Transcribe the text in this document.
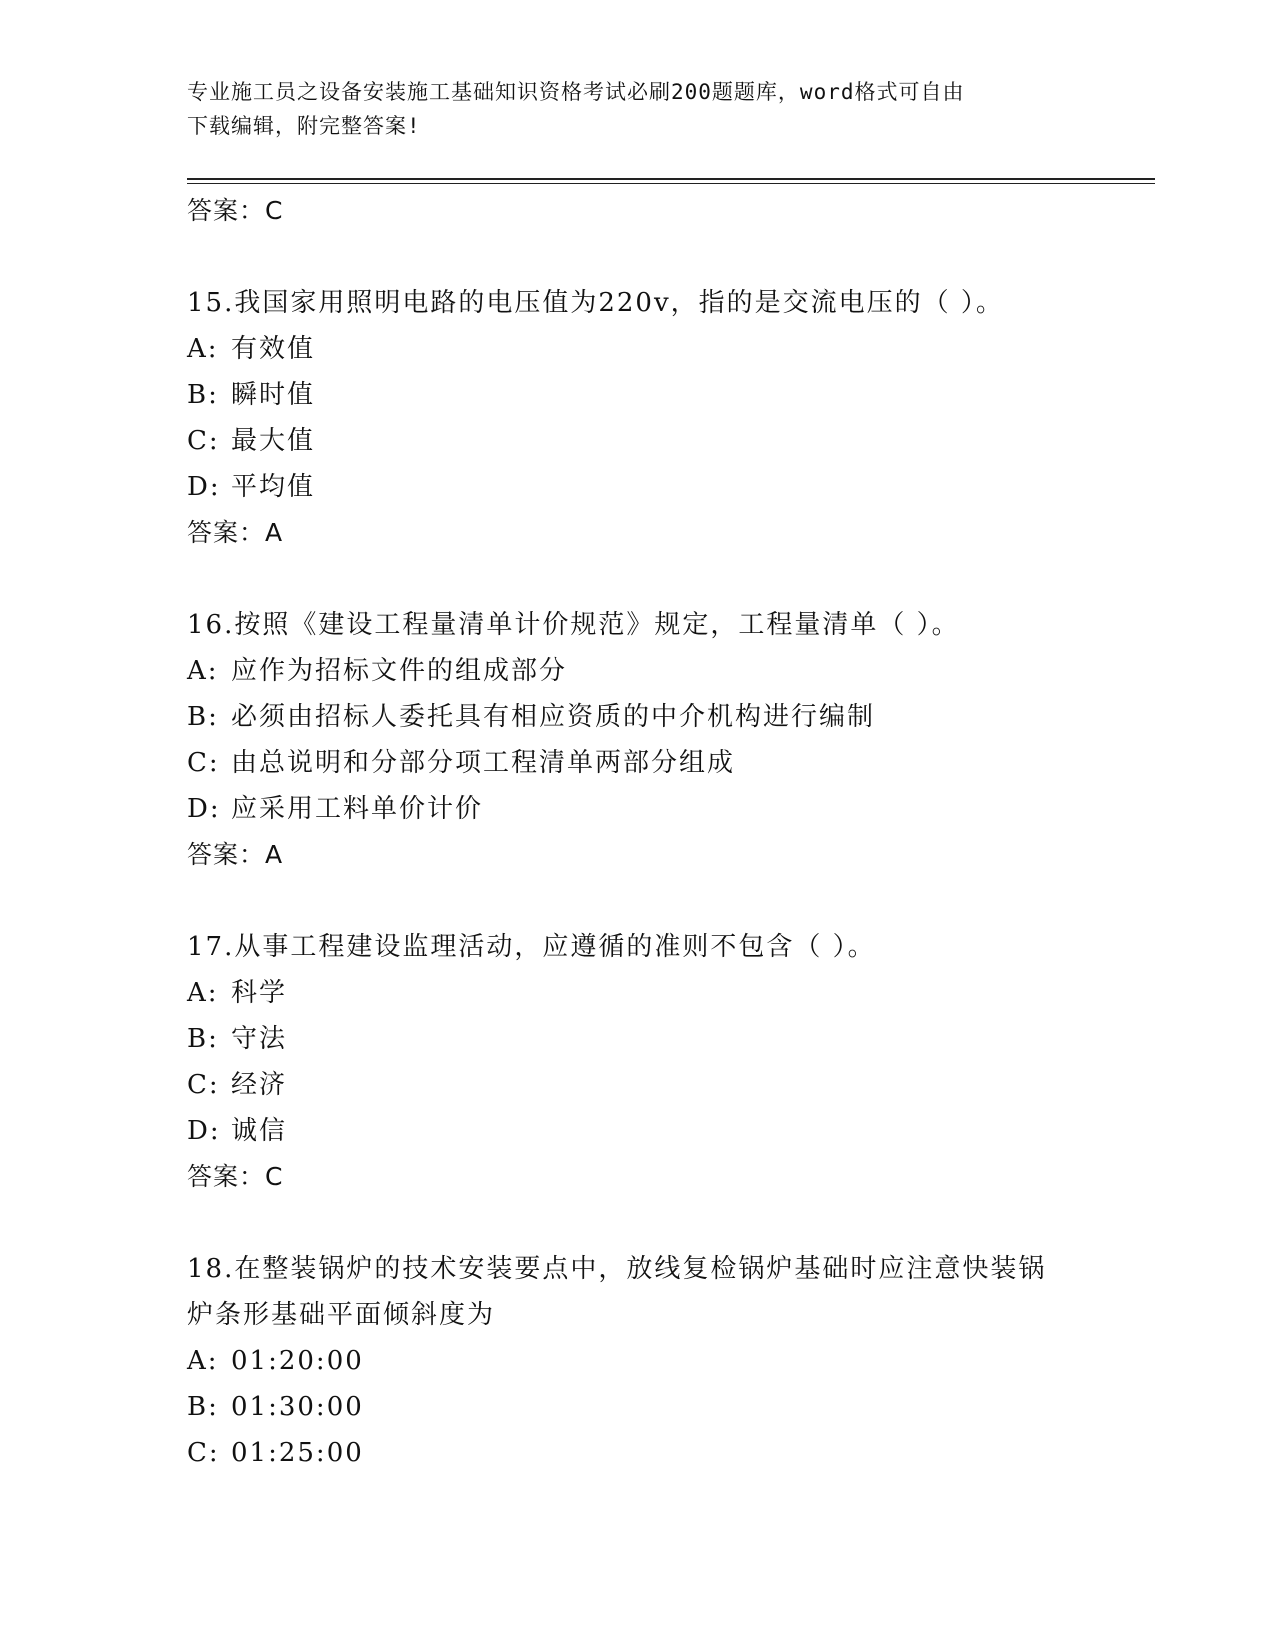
专业施工员之设备安装施工基础知识资格考试必刷200题题库，word格式可自由
下载编辑，附完整答案!
答案：C
15.我国家用照明电路的电压值为220v，指的是交流电压的（ ）。
A: 有效值
B: 瞬时值
C: 最大值
D: 平均值
答案：A
16.按照《建设工程量清单计价规范》规定，工程量清单（ ）。
A: 应作为招标文件的组成部分
B: 必须由招标人委托具有相应资质的中介机构进行编制
C: 由总说明和分部分项工程清单两部分组成
D: 应采用工料单价计价
答案：A
17.从事工程建设监理活动，应遵循的准则不包含（ ）。
A: 科学
B: 守法
C: 经济
D: 诚信
答案：C
18.在整装锅炉的技术安装要点中，放线复检锅炉基础时应注意快装锅
炉条形基础平面倾斜度为
A: 01:20:00
B: 01:30:00
C: 01:25:00
